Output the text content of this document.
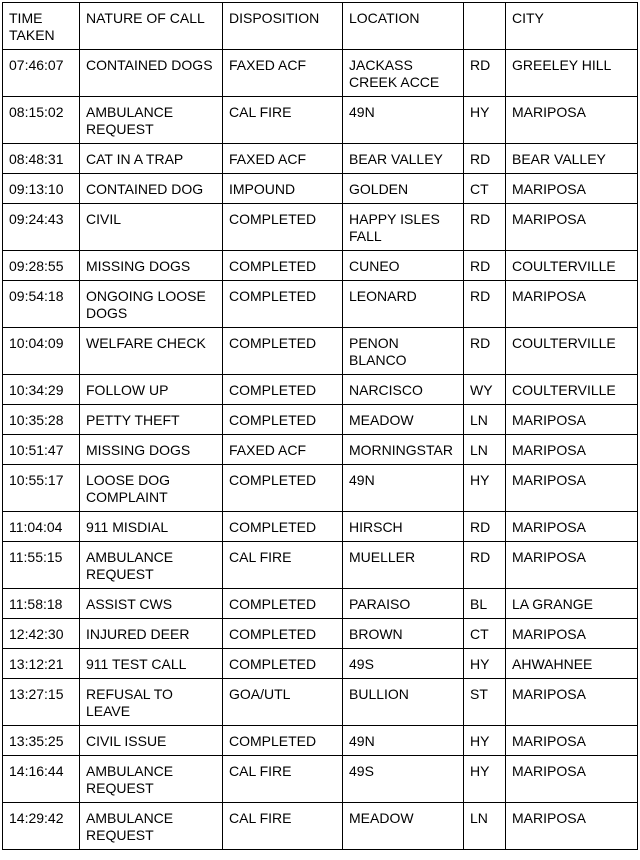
TIME TAKEN	NATURE OF CALL	DISPOSITION	LOCATION		CITY
07:46:07	CONTAINED DOGS	FAXED ACF	JACKASS CREEK ACCE	RD	GREELEY HILL
08:15:02	AMBULANCE REQUEST	CAL FIRE	49N	HY	MARIPOSA
08:48:31	CAT IN A TRAP	FAXED ACF	BEAR VALLEY	RD	BEAR VALLEY
09:13:10	CONTAINED DOG	IMPOUND	GOLDEN	CT	MARIPOSA
09:24:43	CIVIL	COMPLETED	HAPPY ISLES FALL	RD	MARIPOSA
09:28:55	MISSING DOGS	COMPLETED	CUNEO	RD	COULTERVILLE
09:54:18	ONGOING LOOSE DOGS	COMPLETED	LEONARD	RD	MARIPOSA
10:04:09	WELFARE CHECK	COMPLETED	PENON BLANCO	RD	COULTERVILLE
10:34:29	FOLLOW UP	COMPLETED	NARCISCO	WY	COULTERVILLE
10:35:28	PETTY THEFT	COMPLETED	MEADOW	LN	MARIPOSA
10:51:47	MISSING DOGS	FAXED ACF	MORNINGSTAR	LN	MARIPOSA
10:55:17	LOOSE DOG COMPLAINT	COMPLETED	49N	HY	MARIPOSA
11:04:04	911 MISDIAL	COMPLETED	HIRSCH	RD	MARIPOSA
11:55:15	AMBULANCE REQUEST	CAL FIRE	MUELLER	RD	MARIPOSA
11:58:18	ASSIST CWS	COMPLETED	PARAISO	BL	LA GRANGE
12:42:30	INJURED DEER	COMPLETED	BROWN	CT	MARIPOSA
13:12:21	911 TEST CALL	COMPLETED	49S	HY	AHWAHNEE
13:27:15	REFUSAL TO LEAVE	GOA/UTL	BULLION	ST	MARIPOSA
13:35:25	CIVIL ISSUE	COMPLETED	49N	HY	MARIPOSA
14:16:44	AMBULANCE REQUEST	CAL FIRE	49S	HY	MARIPOSA
14:29:42	AMBULANCE REQUEST	CAL FIRE	MEADOW	LN	MARIPOSA
